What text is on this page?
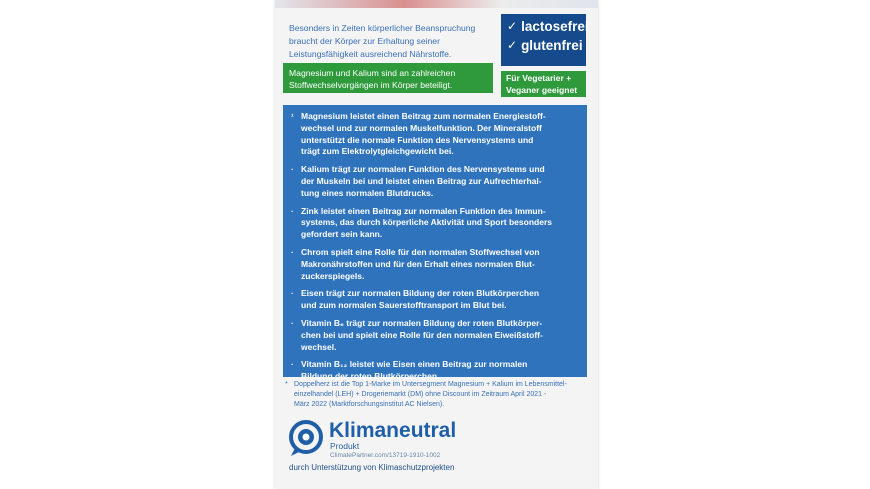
Besonders in Zeiten körperlicher Beanspruchung braucht der Körper zur Erhaltung seiner Leistungsfähigkeit ausreichend Nährstoffe.
Magnesium und Kalium sind an zahlreichen Stoffwechselvorgängen im Körper beteiligt.
✓ lactosefrei
✓ glutenfrei
Für Vegetarier + Veganer geeignet
¹ Magnesium leistet einen Beitrag zum normalen Energiestoff-
wechsel und zur normalen Muskelfunktion. Der Mineralstoff
unterstützt die normale Funktion des Nervensystems und
trägt zum Elektrolytgleichgewicht bei.
· Kalium trägt zur normalen Funktion des Nervensystems und
der Muskeln bei und leistet einen Beitrag zur Aufrechterhal-
tung eines normalen Blutdrucks.
· Zink leistet einen Beitrag zur normalen Funktion des Immun-
systems, das durch körperliche Aktivität und Sport besonders
gefordert sein kann.
· Chrom spielt eine Rolle für den normalen Stoffwechsel von
Makronährstoffen und für den Erhalt eines normalen Blut-
zuckerspiegels.
· Eisen trägt zur normalen Bildung der roten Blutkörperchen
und zum normalen Sauerstofftransport im Blut bei.
· Vitamin B₆ trägt zur normalen Bildung der roten Blutkörper-
chen bei und spielt eine Rolle für den normalen Eiweißstoff-
wechsel.
· Vitamin B₁₂ leistet wie Eisen einen Beitrag zur normalen
Bildung der roten Blutkörperchen.
* Doppelherz ist die Top 1-Marke im Untersegment Magnesium + Kalium im Lebensmittel-
einzelhandel (LEH) + Drogeriemarkt (DM) ohne Discount im Zeitraum April 2021 -
März 2022 (Marktforschungsinstitut AC Nielsen).
Klimaneutral
Produkt
ClimatePartner.com/13719-1910-1002
durch Unterstützung von Klimaschutzprojekten
